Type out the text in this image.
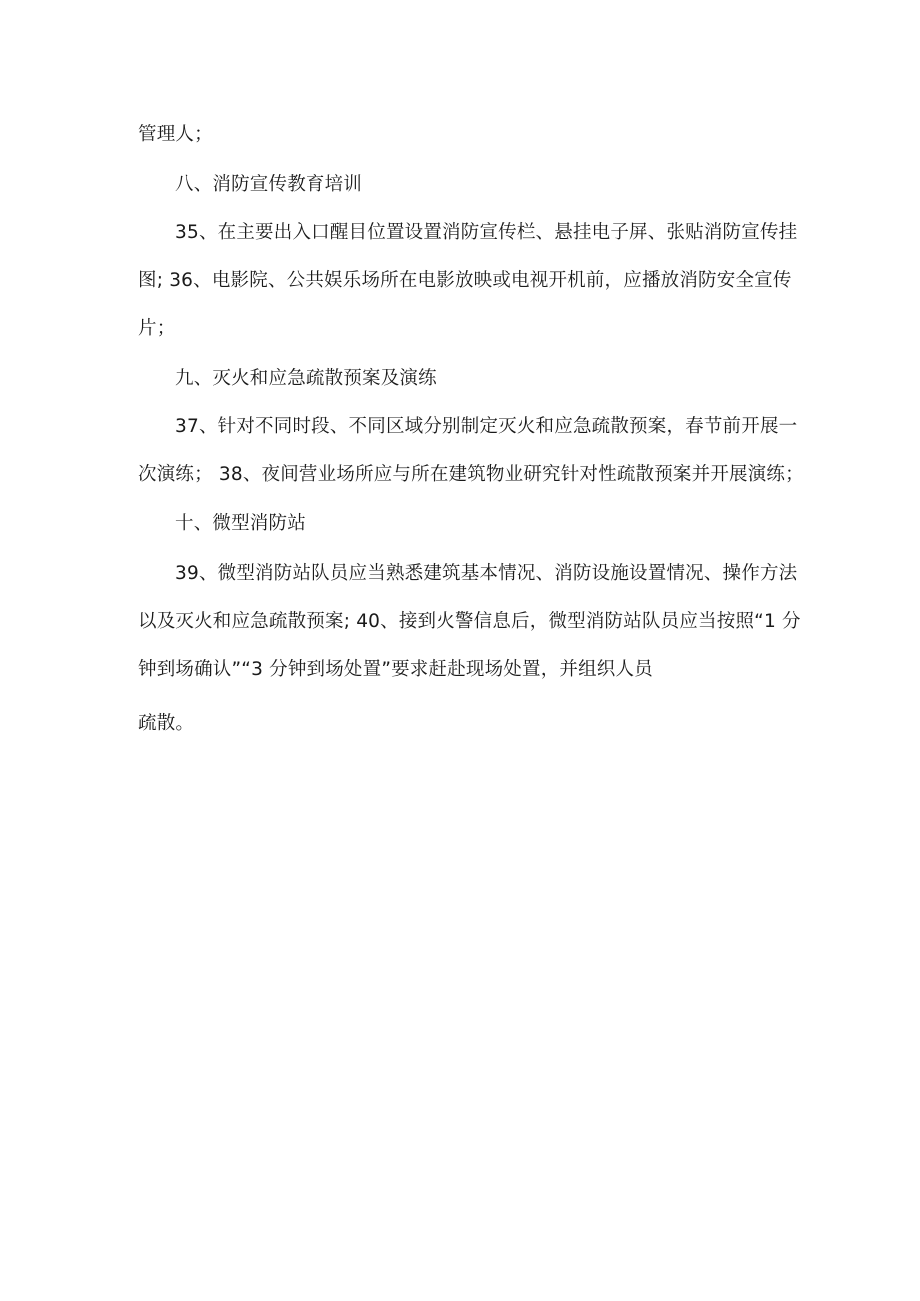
管理人；
八、消防宣传教育培训
35、在主要出入口醒目位置设置消防宣传栏、悬挂电子屏、张贴消防宣传挂
图; 36、电影院、公共娱乐场所在电影放映或电视开机前，应播放消防安全宣传
片；
九、灭火和应急疏散预案及演练
37、针对不同时段、不同区域分别制定灭火和应急疏散预案，春节前开展一
次演练； 38、夜间营业场所应与所在建筑物业研究针对性疏散预案并开展演练；
十、微型消防站
39、微型消防站队员应当熟悉建筑基本情况、消防设施设置情况、操作方法
以及灭火和应急疏散预案; 40、接到火警信息后，微型消防站队员应当按照“1 分
钟到场确认”“3 分钟到场处置”要求赶赴现场处置，并组织人员
疏散。
